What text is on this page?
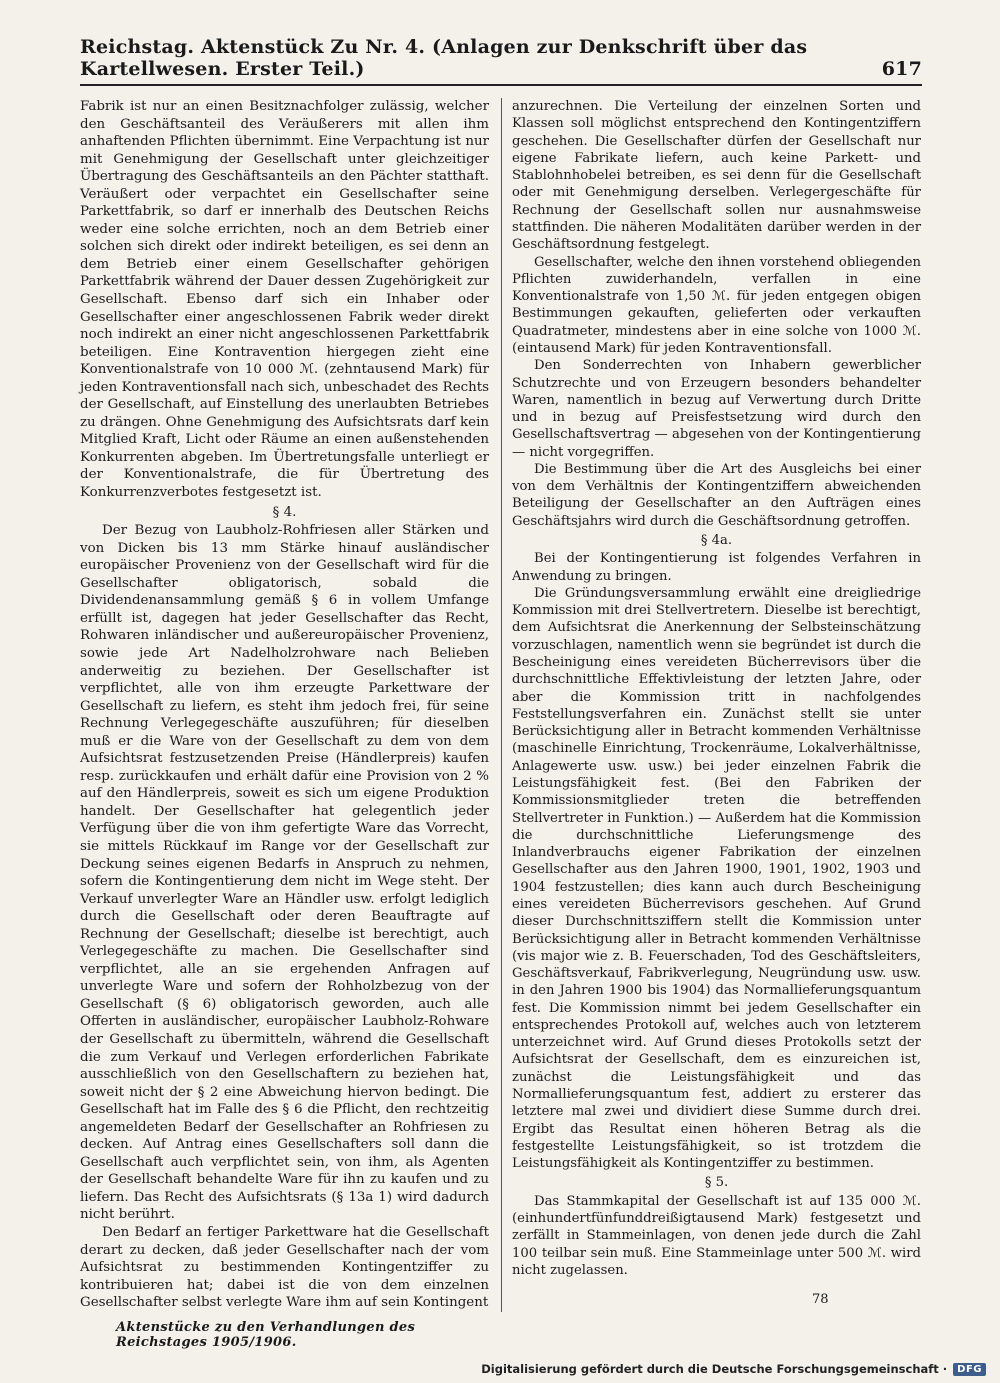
Reichstag. Aktenstück Zu Nr. 4. (Anlagen zur Denkschrift über das Kartellwesen. Erster Teil.)	617

Fabrik ist nur an einen Besitznachfolger zulässig, welcher den Geschäftsanteil des Veräußerers mit allen ihm anhaftenden Pflichten übernimmt. Eine Verpachtung ist nur mit Genehmigung der Gesellschaft unter gleichzeitiger Übertragung des Geschäftsanteils an den Pächter statthaft. Veräußert oder verpachtet ein Gesellschafter seine Parkettfabrik, so darf er innerhalb des Deutschen Reichs weder eine solche errichten, noch an dem Betrieb einer solchen sich direkt oder indirekt beteiligen, es sei denn an dem Betrieb einer einem Gesellschafter gehörigen Parkettfabrik während der Dauer dessen Zugehörigkeit zur Gesellschaft. Ebenso darf sich ein Inhaber oder Gesellschafter einer angeschlossenen Fabrik weder direkt noch indirekt an einer nicht angeschlossenen Parkettfabrik beteiligen. Eine Kontravention hiergegen zieht eine Konventionalstrafe von 10 000 ℳ. (zehntausend Mark) für jeden Kontraventionsfall nach sich, unbeschadet des Rechts der Gesellschaft, auf Einstellung des unerlaubten Betriebes zu drängen. Ohne Genehmigung des Aufsichtsrats darf kein Mitglied Kraft, Licht oder Räume an einen außenstehenden Konkurrenten abgeben. Im Übertretungsfalle unterliegt er der Konventionalstrafe, die für Übertretung des Konkurrenzverbotes festgesetzt ist.

§ 4.

Der Bezug von Laubholz-Rohfriesen aller Stärken und von Dicken bis 13 mm Stärke hinauf ausländischer europäischer Provenienz von der Gesellschaft wird für die Gesellschafter obligatorisch, sobald die Dividendenansammlung gemäß § 6 in vollem Umfange erfüllt ist, dagegen hat jeder Gesellschafter das Recht, Rohwaren inländischer und außereuropäischer Provenienz, sowie jede Art Nadelholzrohware nach Belieben anderweitig zu beziehen. Der Gesellschafter ist verpflichtet, alle von ihm erzeugte Parkettware der Gesellschaft zu liefern, es steht ihm jedoch frei, für seine Rechnung Verlegegeschäfte auszuführen; für dieselben muß er die Ware von der Gesellschaft zu dem von dem Aufsichtsrat festzusetzenden Preise (Händlerpreis) kaufen resp. zurückkaufen und erhält dafür eine Provision von 2 % auf den Händlerpreis, soweit es sich um eigene Produktion handelt. Der Gesellschafter hat gelegentlich jeder Verfügung über die von ihm gefertigte Ware das Vorrecht, sie mittels Rückkauf im Range vor der Gesellschaft zur Deckung seines eigenen Bedarfs in Anspruch zu nehmen, sofern die Kontingentierung dem nicht im Wege steht. Der Verkauf unverlegter Ware an Händler usw. erfolgt lediglich durch die Gesellschaft oder deren Beauftragte auf Rechnung der Gesellschaft; dieselbe ist berechtigt, auch Verlegegeschäfte zu machen. Die Gesellschafter sind verpflichtet, alle an sie ergehenden Anfragen auf unverlegte Ware und sofern der Rohholzbezug von der Gesellschaft (§ 6) obligatorisch geworden, auch alle Offerten in ausländischer, europäischer Laubholz-Rohware der Gesellschaft zu übermitteln, während die Gesellschaft die zum Verkauf und Verlegen erforderlichen Fabrikate ausschließlich von den Gesellschaftern zu beziehen hat, soweit nicht der § 2 eine Abweichung hiervon bedingt. Die Gesellschaft hat im Falle des § 6 die Pflicht, den rechtzeitig angemeldeten Bedarf der Gesellschafter an Rohfriesen zu decken. Auf Antrag eines Gesellschafters soll dann die Gesellschaft auch verpflichtet sein, von ihm, als Agenten der Gesellschaft behandelte Ware für ihn zu kaufen und zu liefern. Das Recht des Aufsichtsrats (§ 13a 1) wird dadurch nicht berührt.

Den Bedarf an fertiger Parkettware hat die Gesellschaft derart zu decken, daß jeder Gesellschafter nach der vom Aufsichtsrat zu bestimmenden Kontingentziffer zu kontribuieren hat; dabei ist die von dem einzelnen Gesellschafter selbst verlegte Ware ihm auf sein Kontingent

anzurechnen. Die Verteilung der einzelnen Sorten und Klassen soll möglichst entsprechend den Kontingentziffern geschehen. Die Gesellschafter dürfen der Gesellschaft nur eigene Fabrikate liefern, auch keine Parkett- und Stablohnhobelei betreiben, es sei denn für die Gesellschaft oder mit Genehmigung derselben. Verlegergeschäfte für Rechnung der Gesellschaft sollen nur ausnahmsweise stattfinden. Die näheren Modalitäten darüber werden in der Geschäftsordnung festgelegt.

Gesellschafter, welche den ihnen vorstehend obliegenden Pflichten zuwiderhandeln, verfallen in eine Konventionalstrafe von 1,50 ℳ. für jeden entgegen obigen Bestimmungen gekauften, gelieferten oder verkauften Quadratmeter, mindestens aber in eine solche von 1000 ℳ. (eintausend Mark) für jeden Kontraventionsfall.

Den Sonderrechten von Inhabern gewerblicher Schutzrechte und von Erzeugern besonders behandelter Waren, namentlich in bezug auf Verwertung durch Dritte und in bezug auf Preisfestsetzung wird durch den Gesellschaftsvertrag — abgesehen von der Kontingentierung — nicht vorgegriffen.

Die Bestimmung über die Art des Ausgleichs bei einer von dem Verhältnis der Kontingentziffern abweichenden Beteiligung der Gesellschafter an den Aufträgen eines Geschäftsjahrs wird durch die Geschäftsordnung getroffen.

§ 4a.

Bei der Kontingentierung ist folgendes Verfahren in Anwendung zu bringen.

Die Gründungsversammlung erwählt eine dreigliedrige Kommission mit drei Stellvertretern. Dieselbe ist berechtigt, dem Aufsichtsrat die Anerkennung der Selbsteinschätzung vorzuschlagen, namentlich wenn sie begründet ist durch die Bescheinigung eines vereideten Bücherrevisors über die durchschnittliche Effektivleistung der letzten Jahre, oder aber die Kommission tritt in nachfolgendes Feststellungsverfahren ein. Zunächst stellt sie unter Berücksichtigung aller in Betracht kommenden Verhältnisse (maschinelle Einrichtung, Trockenräume, Lokalverhältnisse, Anlagewerte usw. usw.) bei jeder einzelnen Fabrik die Leistungsfähigkeit fest. (Bei den Fabriken der Kommissionsmitglieder treten die betreffenden Stellvertreter in Funktion.) — Außerdem hat die Kommission die durchschnittliche Lieferungsmenge des Inlandverbrauchs eigener Fabrikation der einzelnen Gesellschafter aus den Jahren 1900, 1901, 1902, 1903 und 1904 festzustellen; dies kann auch durch Bescheinigung eines vereideten Bücherrevisors geschehen. Auf Grund dieser Durchschnittsziffern stellt die Kommission unter Berücksichtigung aller in Betracht kommenden Verhältnisse (vis major wie z. B. Feuerschaden, Tod des Geschäftsleiters, Geschäftsverkauf, Fabrikverlegung, Neugründung usw. usw. in den Jahren 1900 bis 1904) das Normallieferungsquantum fest. Die Kommission nimmt bei jedem Gesellschafter ein entsprechendes Protokoll auf, welches auch von letzterem unterzeichnet wird. Auf Grund dieses Protokolls setzt der Aufsichtsrat der Gesellschaft, dem es einzureichen ist, zunächst die Leistungsfähigkeit und das Normallieferungsquantum fest, addiert zu ersterer das letztere mal zwei und dividiert diese Summe durch drei. Ergibt das Resultat einen höheren Betrag als die festgestellte Leistungsfähigkeit, so ist trotzdem die Leistungsfähigkeit als Kontingentziffer zu bestimmen.

§ 5.

Das Stammkapital der Gesellschaft ist auf 135 000 ℳ. (einhundertfünfunddreißigtausend Mark) festgesetzt und zerfällt in Stammeinlagen, von denen jede durch die Zahl 100 teilbar sein muß. Eine Stammeinlage unter 500 ℳ. wird nicht zugelassen.

Aktenstücke zu den Verhandlungen des Reichstages 1905/1906.
78
Digitalisierung gefördert durch die Deutsche Forschungsgemeinschaft ·	DFG
